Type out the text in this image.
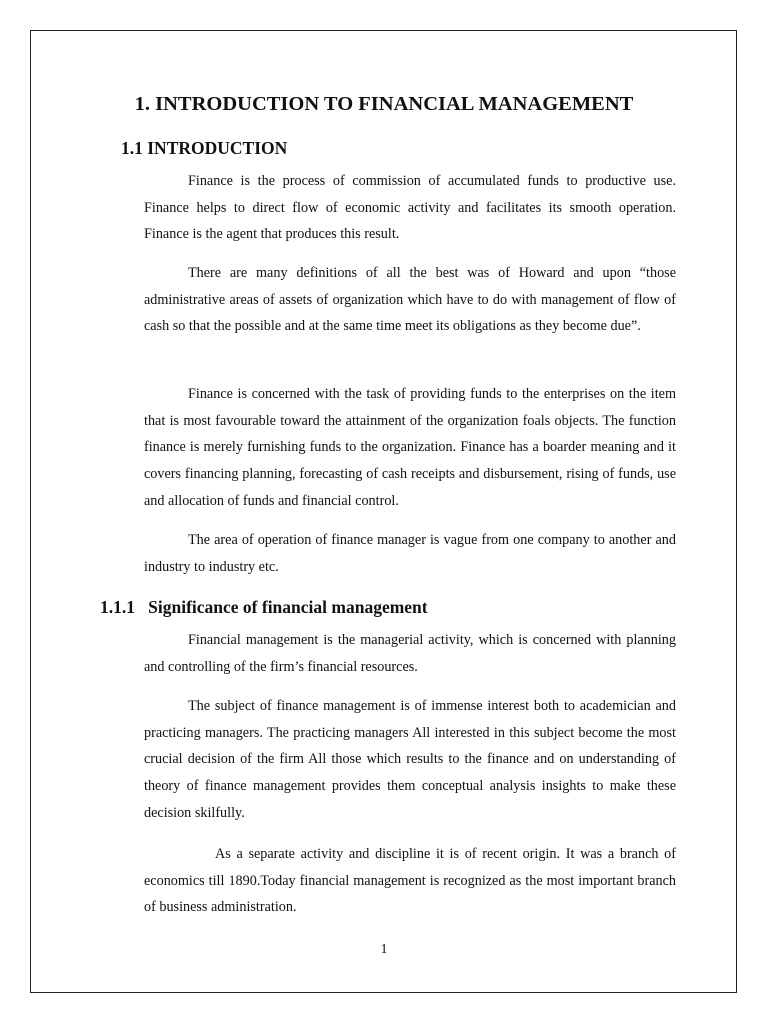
1. INTRODUCTION TO FINANCIAL MANAGEMENT
1.1 INTRODUCTION

Finance is the process of commission of accumulated funds to productive use. Finance helps to direct flow of economic activity and facilitates its smooth operation. Finance is the agent that produces this result.

There are many definitions of all the best was of Howard and upon “those administrative areas of assets of organization which have to do with management of flow of cash so that the possible and at the same time meet its obligations as they become due”.

Finance is concerned with the task of providing funds to the enterprises on the item that is most favourable toward the attainment of the organization foals objects. The function finance is merely furnishing funds to the organization. Finance has a boarder meaning and it covers financing planning, forecasting of cash receipts and disbursement, rising of funds, use and allocation of funds and financial control.

The area of operation of finance manager is vague from one company to another and industry to industry etc.

1.1.1 Significance of financial management

Financial management is the managerial activity, which is concerned with planning and controlling of the firm’s financial resources.

The subject of finance management is of immense interest both to academician and practicing managers. The practicing managers All interested in this subject become the most crucial decision of the firm All those which results to the finance and on understanding of theory of finance management provides them conceptual analysis insights to make these decision skilfully.

As a separate activity and discipline it is of recent origin. It was a branch of economics till 1890.Today financial management is recognized as the most important branch of business administration.

1
